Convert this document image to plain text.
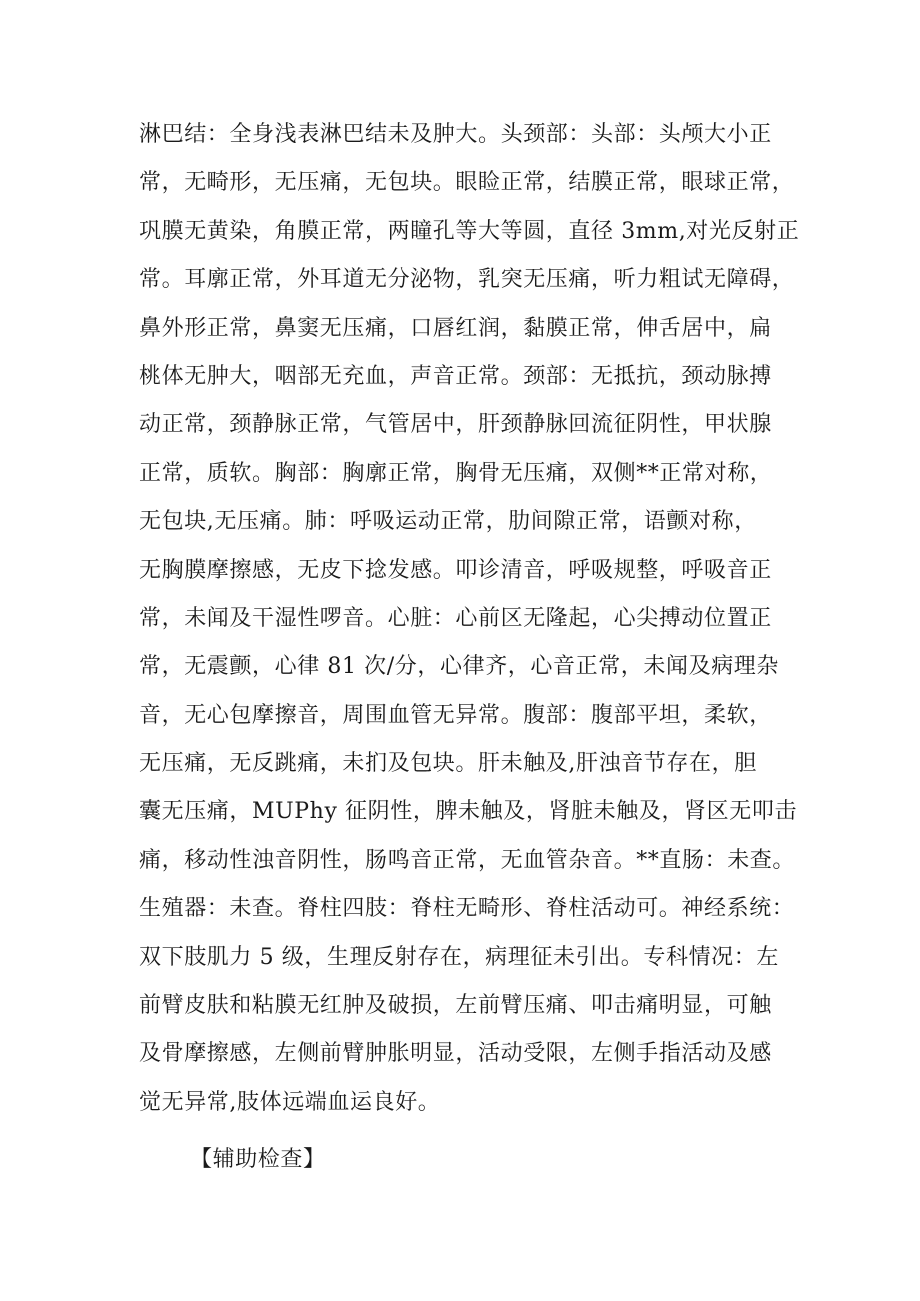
淋巴结：全身浅表淋巴结未及肿大。头颈部：头部：头颅大小正
常，无畸形，无压痛，无包块。眼睑正常，结膜正常，眼球正常，
巩膜无黄染，角膜正常，两瞳孔等大等圆，直径 3mm,对光反射正
常。耳廓正常，外耳道无分泌物，乳突无压痛，听力粗试无障碍，
鼻外形正常，鼻窦无压痛，口唇红润，黏膜正常，伸舌居中，扁
桃体无肿大，咽部无充血，声音正常。颈部：无抵抗，颈动脉搏
动正常，颈静脉正常，气管居中，肝颈静脉回流征阴性，甲状腺
正常，质软。胸部：胸廓正常，胸骨无压痛，双侧**正常对称，
无包块,无压痛。肺：呼吸运动正常，肋间隙正常，语颤对称，
无胸膜摩擦感，无皮下捻发感。叩诊清音，呼吸规整，呼吸音正
常，未闻及干湿性啰音。心脏：心前区无隆起，心尖搏动位置正
常，无震颤，心律 81 次/分，心律齐，心音正常，未闻及病理杂
音，无心包摩擦音，周围血管无异常。腹部：腹部平坦，柔软，
无压痛，无反跳痛，未扪及包块。肝未触及,肝浊音节存在，胆
囊无压痛，MUPhy 征阴性，脾未触及，肾脏未触及，肾区无叩击
痛，移动性浊音阴性，肠鸣音正常，无血管杂音。**直肠：未查。
生殖器：未查。脊柱四肢：脊柱无畸形、脊柱活动可。神经系统：
双下肢肌力 5 级，生理反射存在，病理征未引出。专科情况：左
前臂皮肤和粘膜无红肿及破损，左前臂压痛、叩击痛明显，可触
及骨摩擦感，左侧前臂肿胀明显，活动受限，左侧手指活动及感
觉无异常,肢体远端血运良好。
【辅助检查】
